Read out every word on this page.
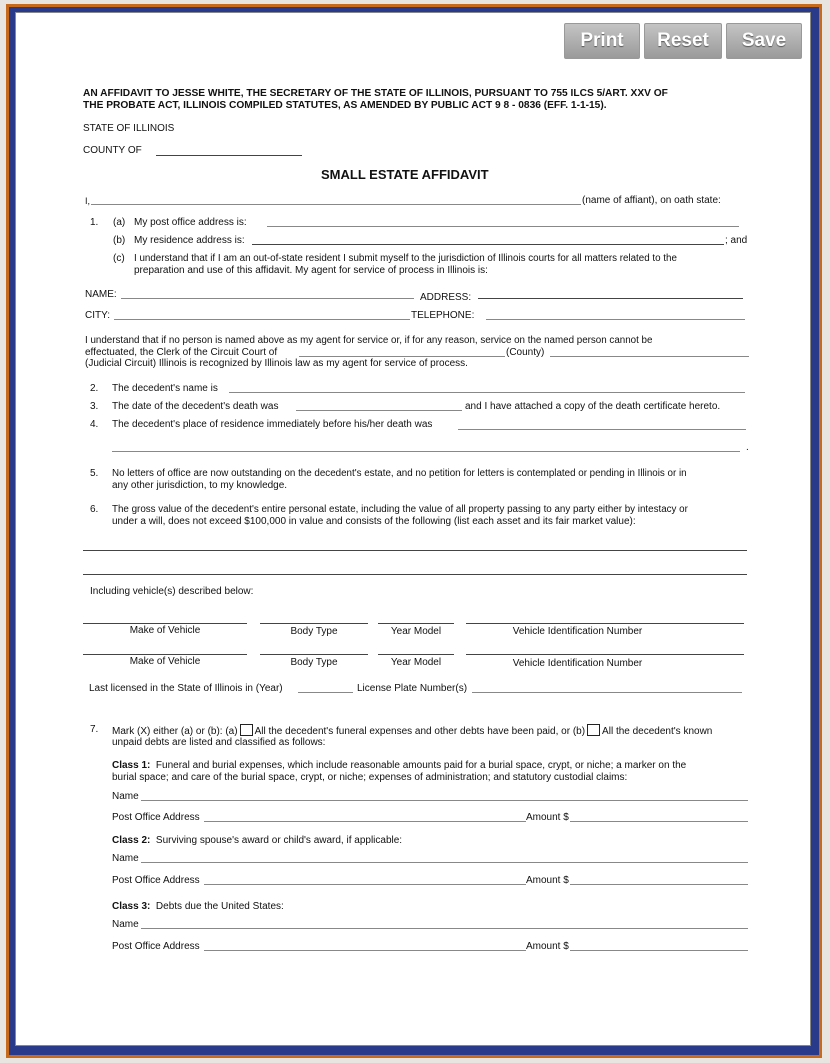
Print	Reset	Save
AN AFFIDAVIT TO JESSE WHITE, THE SECRETARY OF THE STATE OF ILLINOIS, PURSUANT TO 755 ILCS 5/ART. XXV OF
THE PROBATE ACT, ILLINOIS COMPILED STATUTES, AS AMENDED BY PUBLIC ACT 9 8 - 0836 (EFF. 1-1-15).
STATE OF ILLINOIS
COUNTY OF
SMALL ESTATE AFFIDAVIT
I,	(name of affiant), on oath state:
1. (a) My post office address is:
(b) My residence address is:	; and
(c) I understand that if I am an out-of-state resident I submit myself to the jurisdiction of Illinois courts for all matters related to the
preparation and use of this affidavit. My agent for service of process in Illinois is:
NAME:	ADDRESS:
CITY:	TELEPHONE:
I understand that if no person is named above as my agent for service or, if for any reason, service on the named person cannot be
effectuated, the Clerk of the Circuit Court of	(County)
(Judicial Circuit) Illinois is recognized by Illinois law as my agent for service of process.
2. The decedent's name is
3. The date of the decedent's death was	and I have attached a copy of the death certificate hereto.
4. The decedent's place of residence immediately before his/her death was
.
5. No letters of office are now outstanding on the decedent's estate, and no petition for letters is contemplated or pending in Illinois or in
any other jurisdiction, to my knowledge.
6. The gross value of the decedent's entire personal estate, including the value of all property passing to any party either by intestacy or
under a will, does not exceed $100,000 in value and consists of the following (list each asset and its fair market value):
Including vehicle(s) described below:
Make of Vehicle	Body Type	Year Model	Vehicle Identification Number
Make of Vehicle	Body Type	Year Model	Vehicle Identification Number
Last licensed in the State of Illinois in (Year)	License Plate Number(s)
7. Mark (X) either (a) or (b): (a) All the decedent's funeral expenses and other debts have been paid, or (b) All the decedent's known
unpaid debts are listed and classified as follows:
Class 1: Funeral and burial expenses, which include reasonable amounts paid for a burial space, crypt, or niche; a marker on the
burial space; and care of the burial space, crypt, or niche; expenses of administration; and statutory custodial claims:
Name
Post Office Address	Amount $
Class 2: Surviving spouse's award or child's award, if applicable:
Name
Post Office Address	Amount $
Class 3: Debts due the United States:
Name
Post Office Address	Amount $
